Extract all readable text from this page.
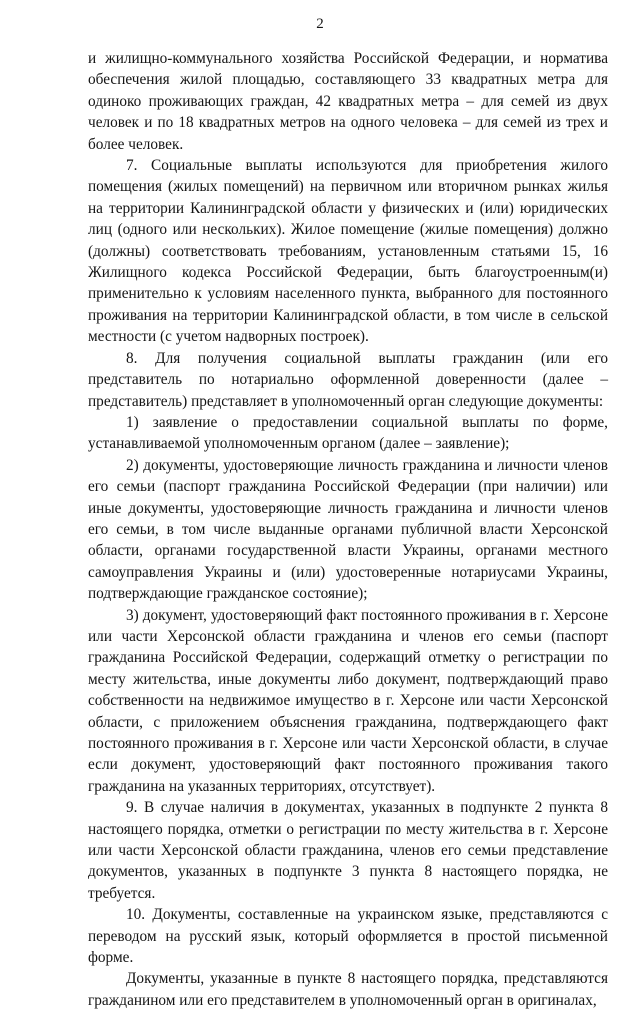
2

и жилищно-коммунального хозяйства Российской Федерации, и норматива обеспечения жилой площадью, составляющего 33 квадратных метра для одиноко проживающих граждан, 42 квадратных метра – для семей из двух человек и по 18 квадратных метров на одного человека – для семей из трех и более человек.

7. Социальные выплаты используются для приобретения жилого помещения (жилых помещений) на первичном или вторичном рынках жилья на территории Калининградской области у физических и (или) юридических лиц (одного или нескольких). Жилое помещение (жилые помещения) должно (должны) соответствовать требованиям, установленным статьями 15, 16 Жилищного кодекса Российской Федерации, быть благоустроенным(и) применительно к условиям населенного пункта, выбранного для постоянного проживания на территории Калининградской области, в том числе в сельской местности (с учетом надворных построек).

8. Для получения социальной выплаты гражданин (или его представитель по нотариально оформленной доверенности (далее – представитель) представляет в уполномоченный орган следующие документы:

1) заявление о предоставлении социальной выплаты по форме, устанавливаемой уполномоченным органом (далее – заявление);

2) документы, удостоверяющие личность гражданина и личности членов его семьи (паспорт гражданина Российской Федерации (при наличии) или иные документы, удостоверяющие личность гражданина и личности членов его семьи, в том числе выданные органами публичной власти Херсонской области, органами государственной власти Украины, органами местного самоуправления Украины и (или) удостоверенные нотариусами Украины, подтверждающие гражданское состояние);

3) документ, удостоверяющий факт постоянного проживания в г. Херсоне или части Херсонской области гражданина и членов его семьи (паспорт гражданина Российской Федерации, содержащий отметку о регистрации по месту жительства, иные документы либо документ, подтверждающий право собственности на недвижимое имущество в г. Херсоне или части Херсонской области, с приложением объяснения гражданина, подтверждающего факт постоянного проживания в г. Херсоне или части Херсонской области, в случае если документ, удостоверяющий факт постоянного проживания такого гражданина на указанных территориях, отсутствует).

9. В случае наличия в документах, указанных в подпункте 2 пункта 8 настоящего порядка, отметки о регистрации по месту жительства в г. Херсоне или части Херсонской области гражданина, членов его семьи представление документов, указанных в подпункте 3 пункта 8 настоящего порядка, не требуется.

10. Документы, составленные на украинском языке, представляются с переводом на русский язык, который оформляется в простой письменной форме.

Документы, указанные в пункте 8 настоящего порядка, представляются гражданином или его представителем в уполномоченный орган в оригиналах,
